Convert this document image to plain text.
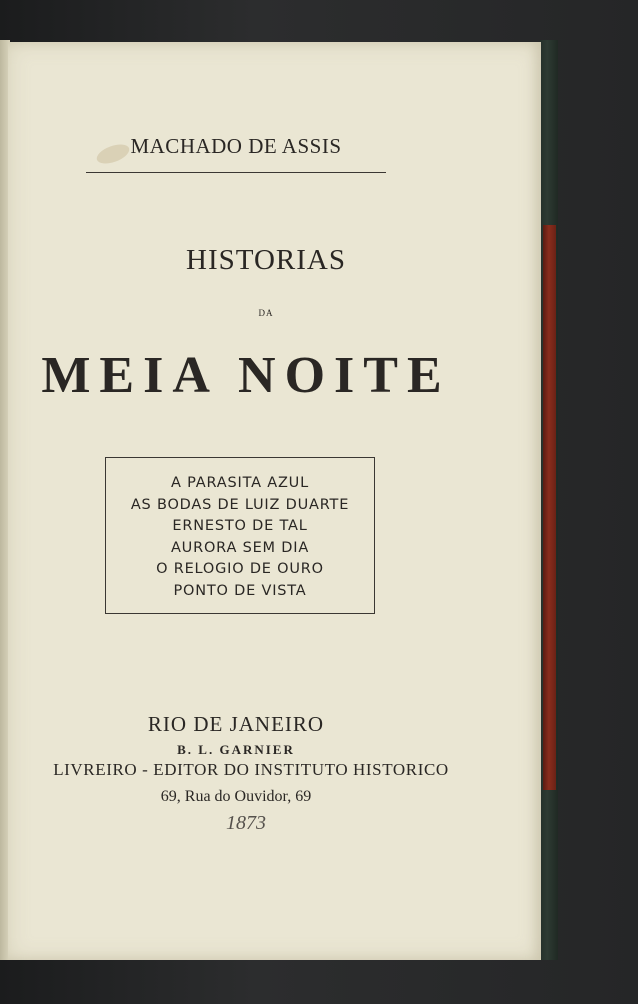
MACHADO DE ASSIS
HISTORIAS
DA
MEIA NOITE
A PARASITA AZUL
AS BODAS DE LUIZ DUARTE
ERNESTO DE TAL
AURORA SEM DIA
O RELOGIO DE OURO
PONTO DE VISTA
RIO DE JANEIRO
B. L. GARNIER
LIVREIRO - EDITOR DO INSTITUTO HISTORICO
69, Rua do Ouvidor, 69
1873
